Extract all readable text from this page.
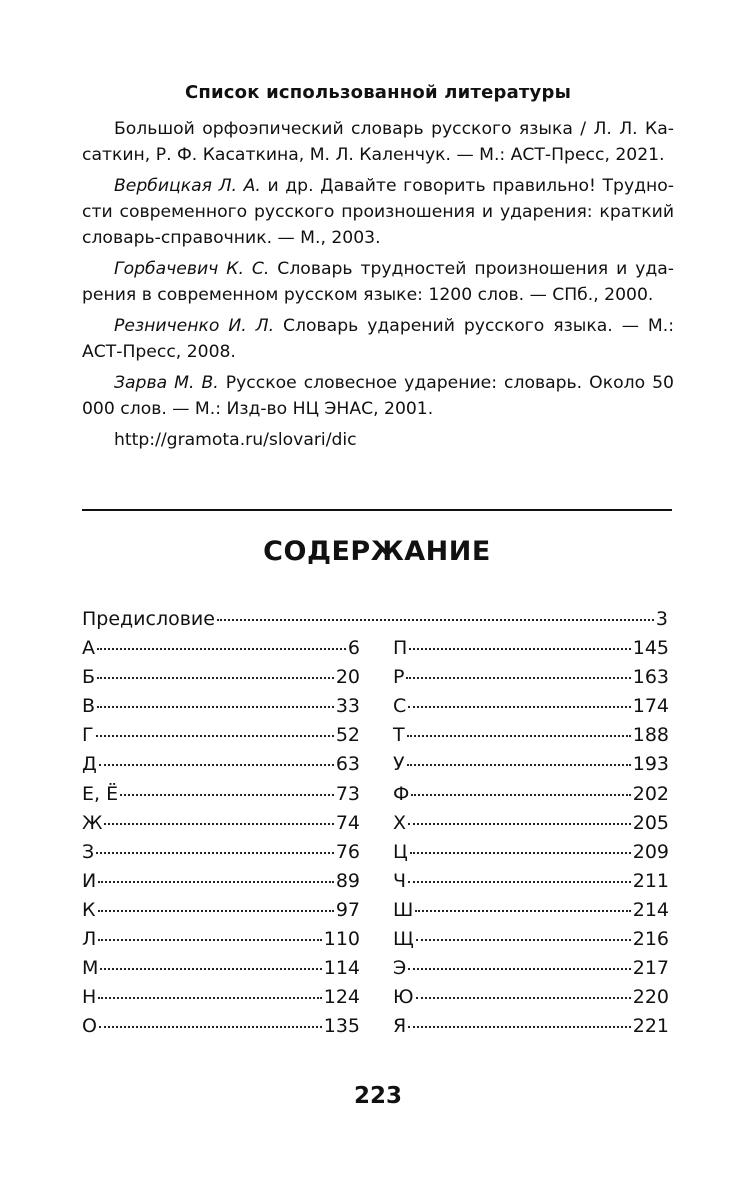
Список использованной литературы

Большой орфоэпический словарь русского языка / Л. Л. Касаткин, Р. Ф. Касаткина, М. Л. Каленчук. — М.: АСТ-Пресс, 2021.

Вербицкая Л. А. и др. Давайте говорить правильно! Трудности современного русского произношения и ударения: краткий словарь-справочник. — М., 2003.

Горбачевич К. С. Словарь трудностей произношения и ударения в современном русском языке: 1200 слов. — СПб., 2000.

Резниченко И. Л. Словарь ударений русского языка. — М.: АСТ-Пресс, 2008.

Зарва М. В. Русское словесное ударение: словарь. Около 50 000 слов. — М.: Изд-во НЦ ЭНАС, 2001.

http://gramota.ru/slovari/dic

СОДЕРЖАНИЕ
Предисловие	3
А	6
Б	20
В	33
Г	52
Д	63
Е, Ё	73
Ж	74
З	76
И	89
К	97
Л	110
М	114
Н	124
О	135
П	145
Р	163
С	174
Т	188
У	193
Ф	202
Х	205
Ц	209
Ч	211
Ш	214
Щ	216
Э	217
Ю	220
Я	221
223
